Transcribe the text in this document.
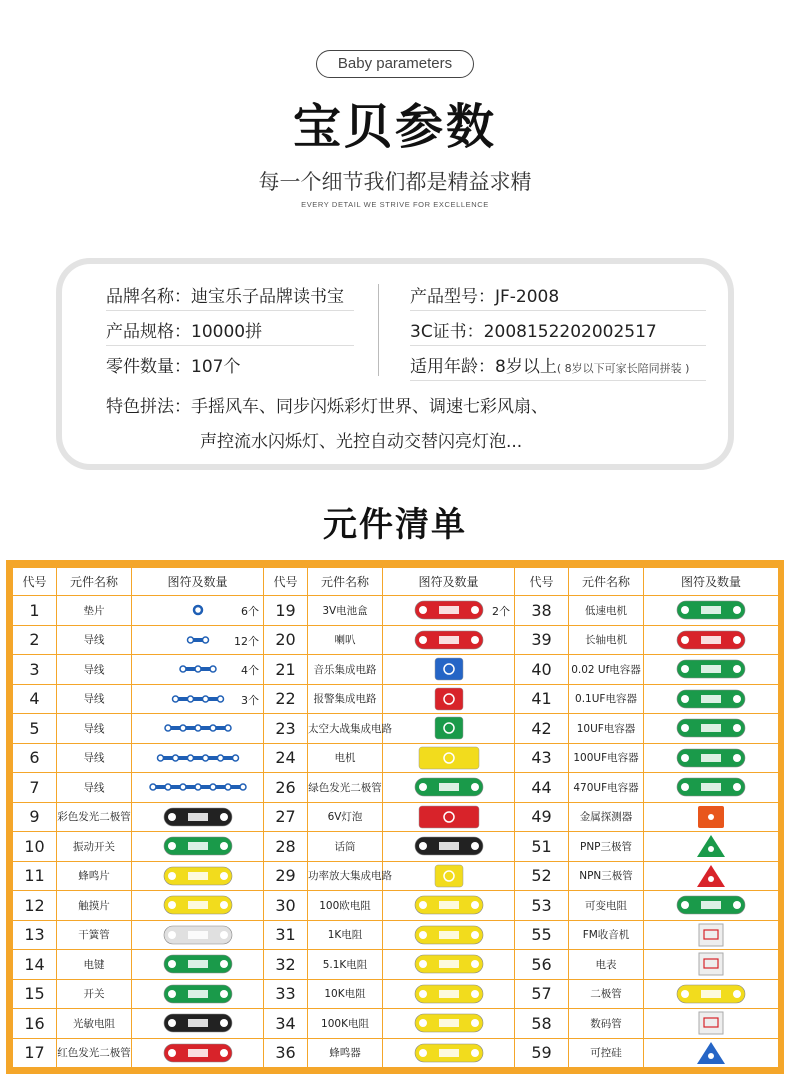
Baby parameters
宝贝参数
每一个细节我们都是精益求精
EVERY DETAIL WE STRIVE FOR EXCELLENCE
品牌名称：迪宝乐子品牌读书宝	产品型号：JF-2008
产品规格：10000拼	3C证书：2008152202002517
零件数量：107个	适用年龄：8岁以上( 8岁以下可家长陪同拼装 )
特色拼法：手摇风车、同步闪烁彩灯世界、调速七彩风扇、
声控流水闪烁灯、光控自动交替闪亮灯泡...
元件清单
代号	元件名称	图符及数量	代号	元件名称	图符及数量	代号	元件名称	图符及数量
1	垫片	6个	19	3V电池盒	2个	38	低速电机	
2	导线	12个	20	喇叭		39	长轴电机	
3	导线	4个	21	音乐集成电路		40	0.02 Uf电容器	
4	导线	3个	22	报警集成电路		41	0.1UF电容器	
5	导线		23	太空大战集成电路		42	10UF电容器	
6	导线		24	电机		43	100UF电容器	
7	导线		26	绿色发光二极管		44	470UF电容器	
9	彩色发光二极管		27	6V灯泡		49	金属探测器	
10	振动开关		28	话筒		51	PNP三极管	
11	蜂鸣片		29	功率放大集成电路		52	NPN三极管	
12	触摸片		30	100欧电阻		53	可变电阻	
13	干簧管		31	1K电阻		55	FM收音机	
14	电键		32	5.1K电阻		56	电表	
15	开关		33	10K电阻		57	二极管	
16	光敏电阻		34	100K电阻		58	数码管	
17	红色发光二极管		36	蜂鸣器		59	可控硅	
